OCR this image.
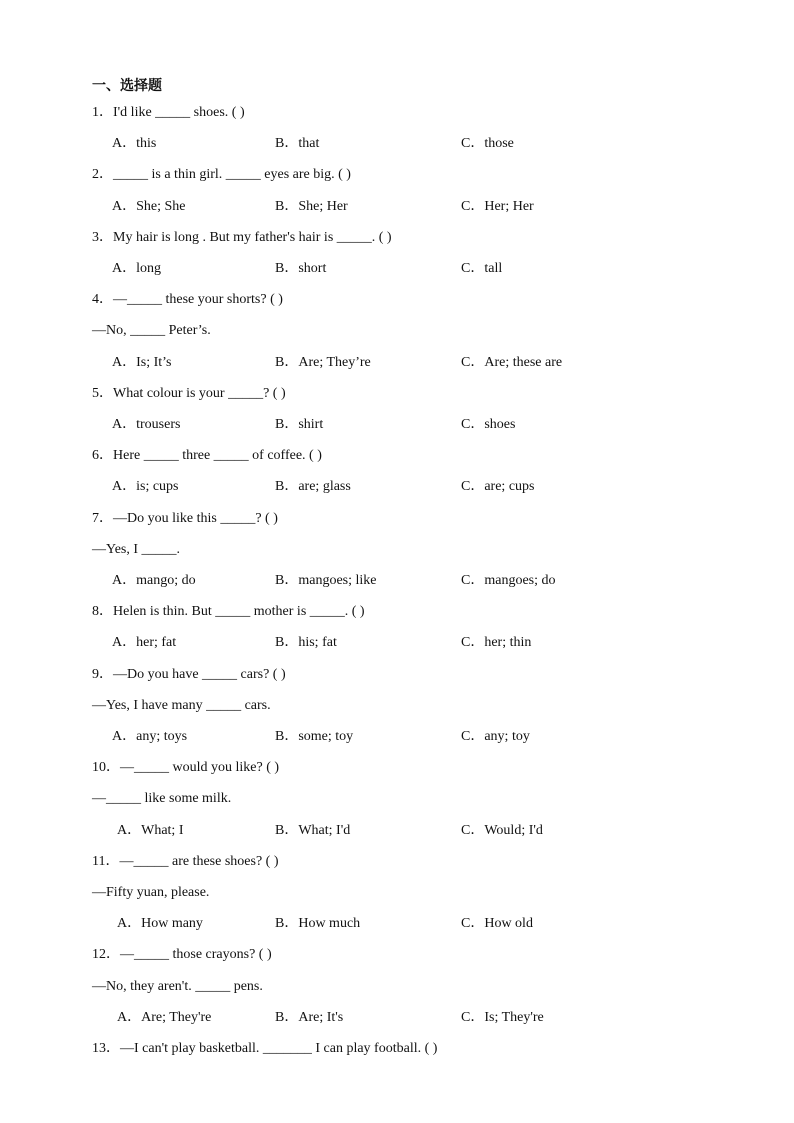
一、选择题
1．I'd like _____ shoes. ( )
A．this	B．that	C．those
2．_____ is a thin girl. _____ eyes are big. ( )
A．She; She	B．She; Her	C．Her; Her
3．My hair is long . But my father's hair is _____. ( )
A．long	B．short	C．tall
4．—_____ these your shorts? ( )
—No, _____ Peter’s.
A．Is; It’s	B．Are; They’re	C．Are; these are
5．What colour is your _____? ( )
A．trousers	B．shirt	C．shoes
6．Here _____ three _____ of coffee. ( )
A．is; cups	B．are; glass	C．are; cups
7．—Do you like this _____? ( )
—Yes, I _____.
A．mango; do	B．mangoes; like	C．mangoes; do
8．Helen is thin. But _____ mother is _____. ( )
A．her; fat	B．his; fat	C．her; thin
9．—Do you have _____ cars? ( )
—Yes, I have many _____ cars.
A．any; toys	B．some; toy	C．any; toy
10．—_____ would you like? ( )
—_____ like some milk.
A．What; I	B．What; I'd	C．Would; I'd
11．—_____ are these shoes? ( )
—Fifty yuan, please.
A．How many	B．How much	C．How old
12．—_____ those crayons? ( )
—No, they aren't. _____ pens.
A．Are; They're	B．Are; It's	C．Is; They're
13．—I can't play basketball. _______ I can play football. ( )
